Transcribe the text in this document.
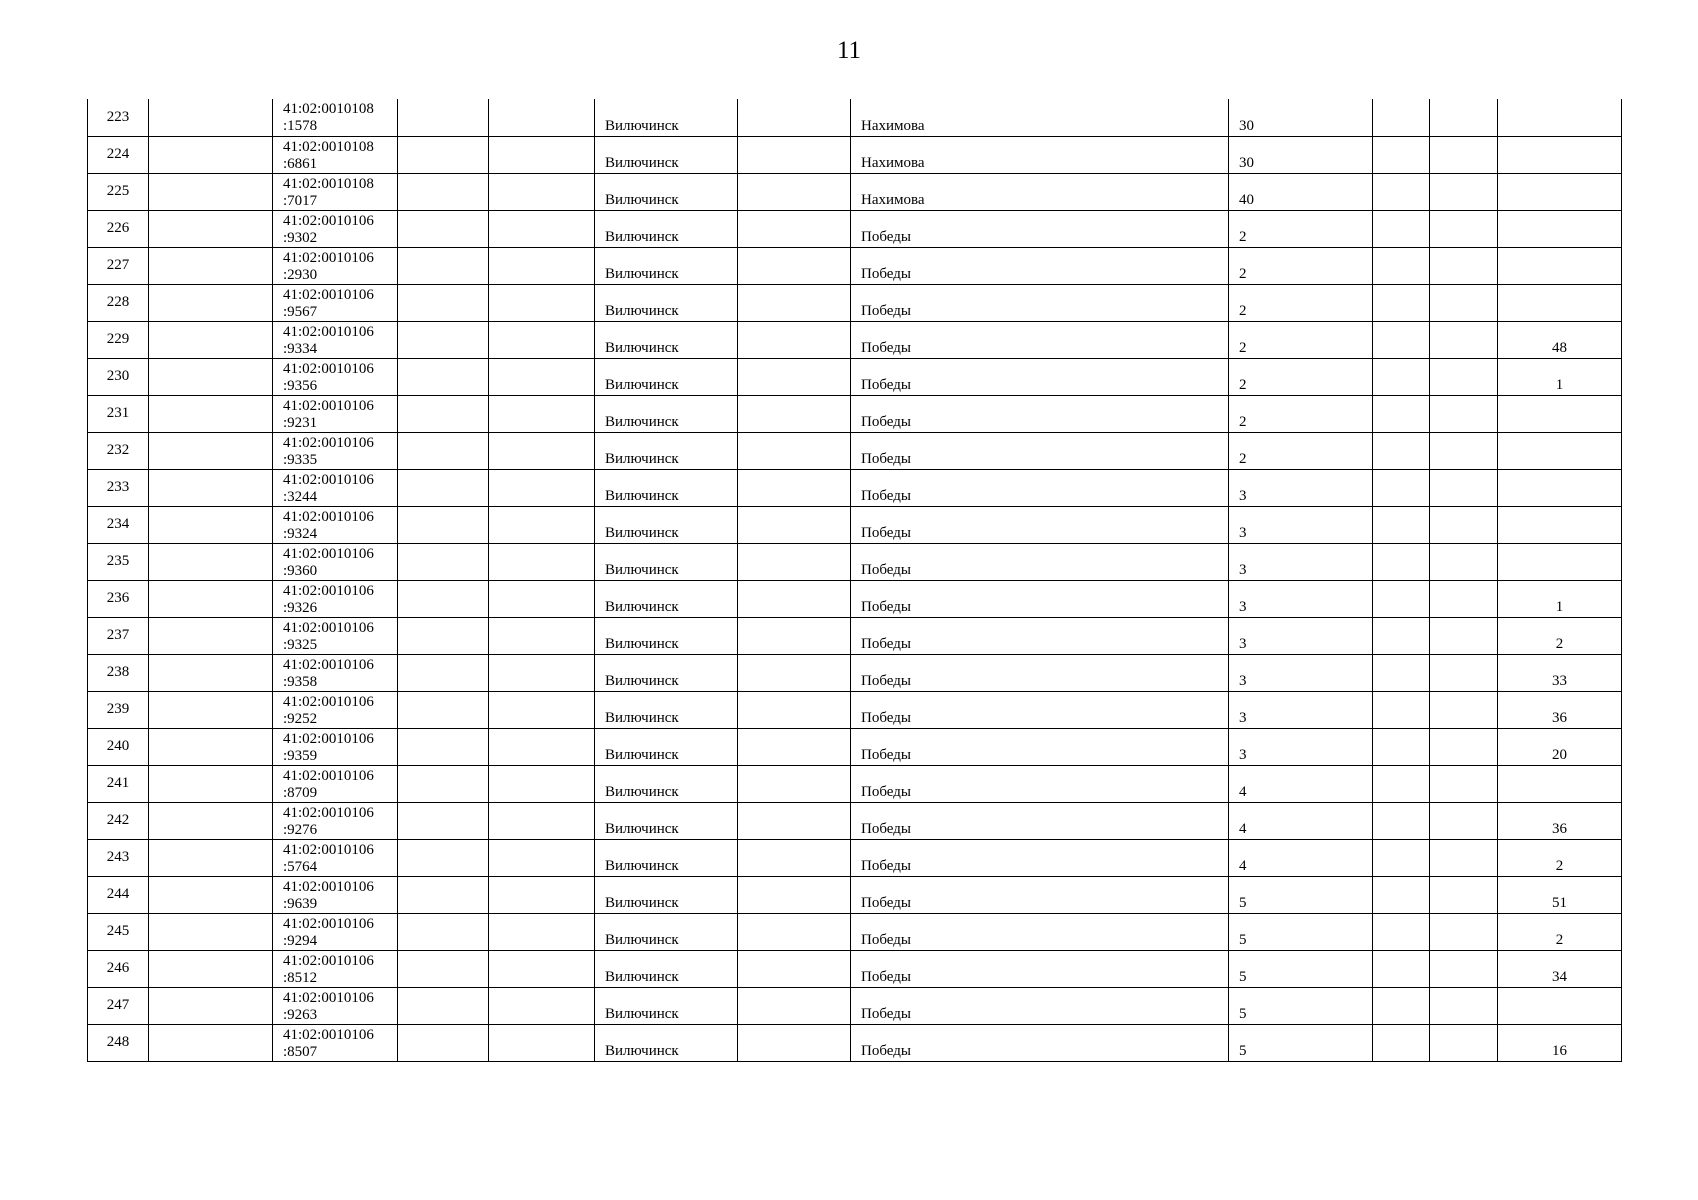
11
223		41:02:0010108
:1578			Вилючинск		Нахимова	30			
224		41:02:0010108
:6861			Вилючинск		Нахимова	30			
225		41:02:0010108
:7017			Вилючинск		Нахимова	40			
226		41:02:0010106
:9302			Вилючинск		Победы	2			
227		41:02:0010106
:2930			Вилючинск		Победы	2			
228		41:02:0010106
:9567			Вилючинск		Победы	2			
229		41:02:0010106
:9334			Вилючинск		Победы	2			48
230		41:02:0010106
:9356			Вилючинск		Победы	2			1
231		41:02:0010106
:9231			Вилючинск		Победы	2			
232		41:02:0010106
:9335			Вилючинск		Победы	2			
233		41:02:0010106
:3244			Вилючинск		Победы	3			
234		41:02:0010106
:9324			Вилючинск		Победы	3			
235		41:02:0010106
:9360			Вилючинск		Победы	3			
236		41:02:0010106
:9326			Вилючинск		Победы	3			1
237		41:02:0010106
:9325			Вилючинск		Победы	3			2
238		41:02:0010106
:9358			Вилючинск		Победы	3			33
239		41:02:0010106
:9252			Вилючинск		Победы	3			36
240		41:02:0010106
:9359			Вилючинск		Победы	3			20
241		41:02:0010106
:8709			Вилючинск		Победы	4			
242		41:02:0010106
:9276			Вилючинск		Победы	4			36
243		41:02:0010106
:5764			Вилючинск		Победы	4			2
244		41:02:0010106
:9639			Вилючинск		Победы	5			51
245		41:02:0010106
:9294			Вилючинск		Победы	5			2
246		41:02:0010106
:8512			Вилючинск		Победы	5			34
247		41:02:0010106
:9263			Вилючинск		Победы	5			
248		41:02:0010106
:8507			Вилючинск		Победы	5			16
